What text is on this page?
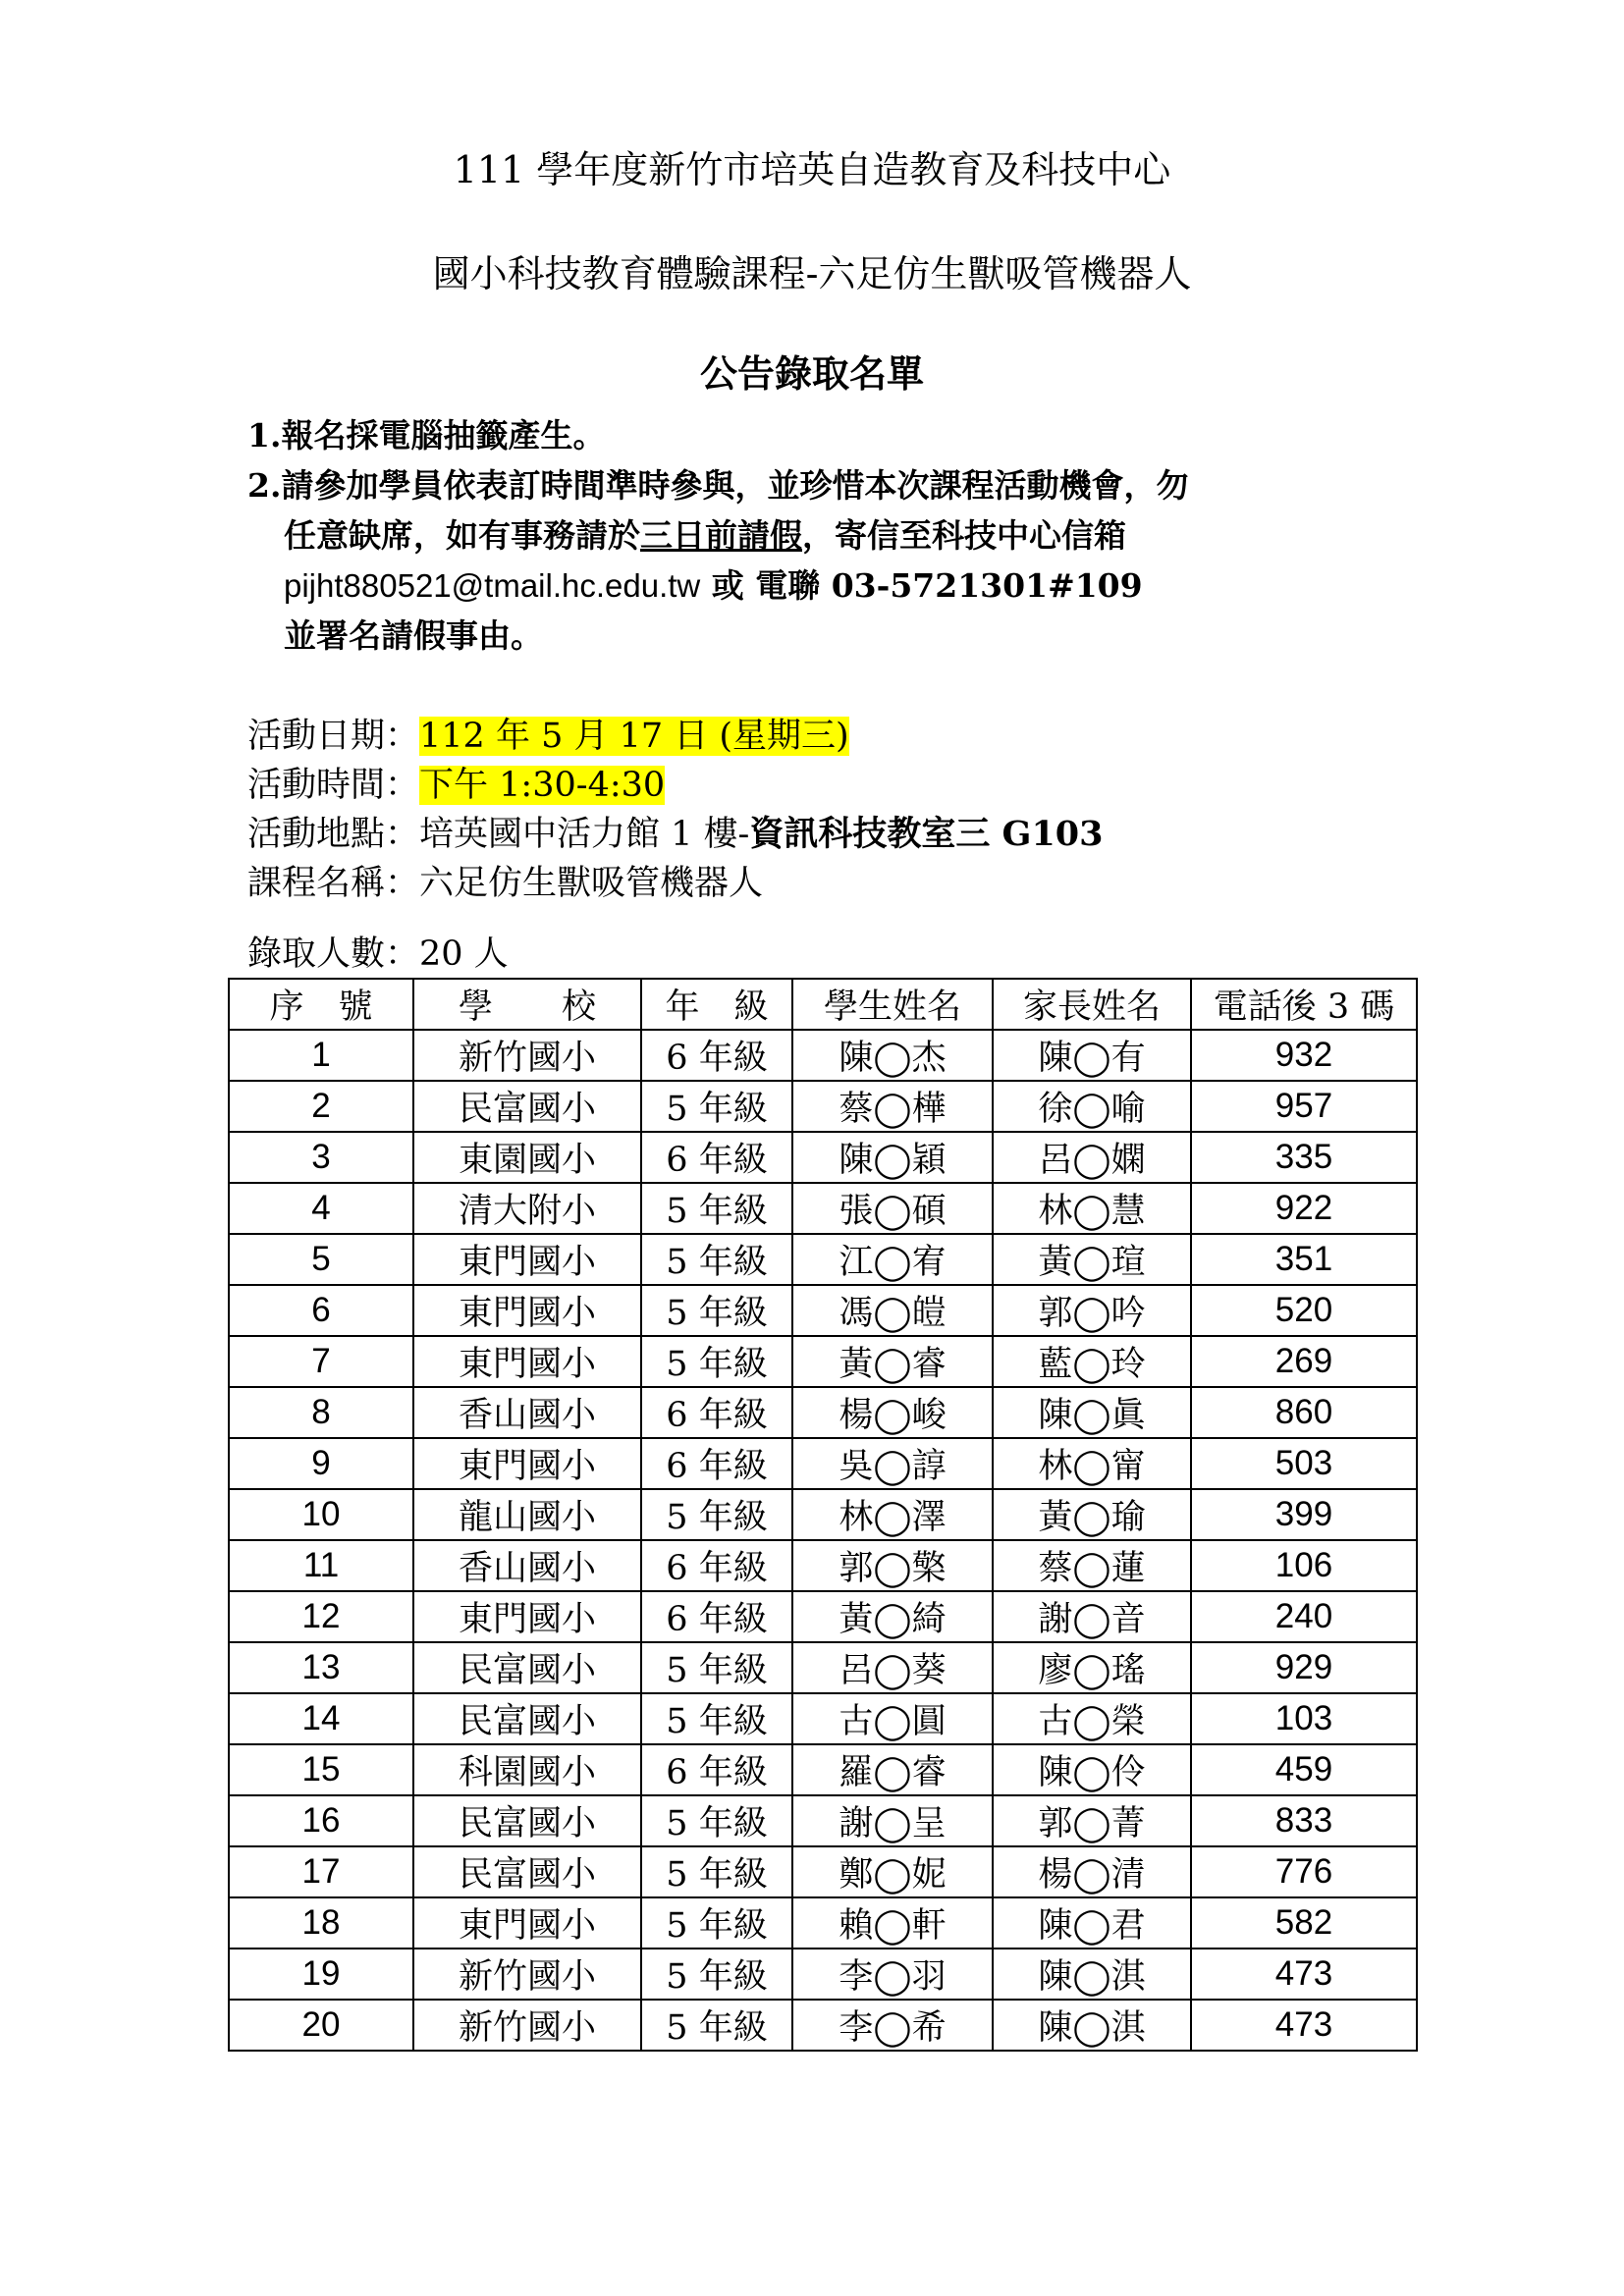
111 學年度新竹市培英自造教育及科技中心
國小科技教育體驗課程-六足仿生獸吸管機器人
公告錄取名單
1.報名採電腦抽籤產生。
2.請參加學員依表訂時間準時參與，並珍惜本次課程活動機會，勿
任意缺席，如有事務請於三日前請假，寄信至科技中心信箱
pijht880521@tmail.hc.edu.tw 或 電聯 03-5721301#109
並署名請假事由。
活動日期：112 年 5 月 17 日 (星期三)
活動時間：下午 1:30-4:30
活動地點：培英國中活力館 1 樓-資訊科技教室三 G103
課程名稱：六足仿生獸吸管機器人
錄取人數：20 人
序　號	學　　校	年　級	學生姓名	家長姓名	電話後 3 碼
1	新竹國小	6 年級	陳◯杰	陳◯有	932
2	民富國小	5 年級	蔡◯樺	徐◯喻	957
3	東園國小	6 年級	陳◯穎	呂◯嫻	335
4	清大附小	5 年級	張◯碩	林◯慧	922
5	東門國小	5 年級	江◯宥	黃◯瑄	351
6	東門國小	5 年級	馮◯皚	郭◯吟	520
7	東門國小	5 年級	黃◯睿	藍◯玲	269
8	香山國小	6 年級	楊◯峻	陳◯眞	860
9	東門國小	6 年級	吳◯諄	林◯甯	503
10	龍山國小	5 年級	林◯澤	黃◯瑜	399
11	香山國小	6 年級	郭◯檠	蔡◯蓮	106
12	東門國小	6 年級	黃◯綺	謝◯音	240
13	民富國小	5 年級	呂◯葵	廖◯瑤	929
14	民富國小	5 年級	古◯圓	古◯榮	103
15	科園國小	6 年級	羅◯睿	陳◯伶	459
16	民富國小	5 年級	謝◯呈	郭◯菁	833
17	民富國小	5 年級	鄭◯妮	楊◯清	776
18	東門國小	5 年級	賴◯軒	陳◯君	582
19	新竹國小	5 年級	李◯羽	陳◯淇	473
20	新竹國小	5 年級	李◯希	陳◯淇	473
